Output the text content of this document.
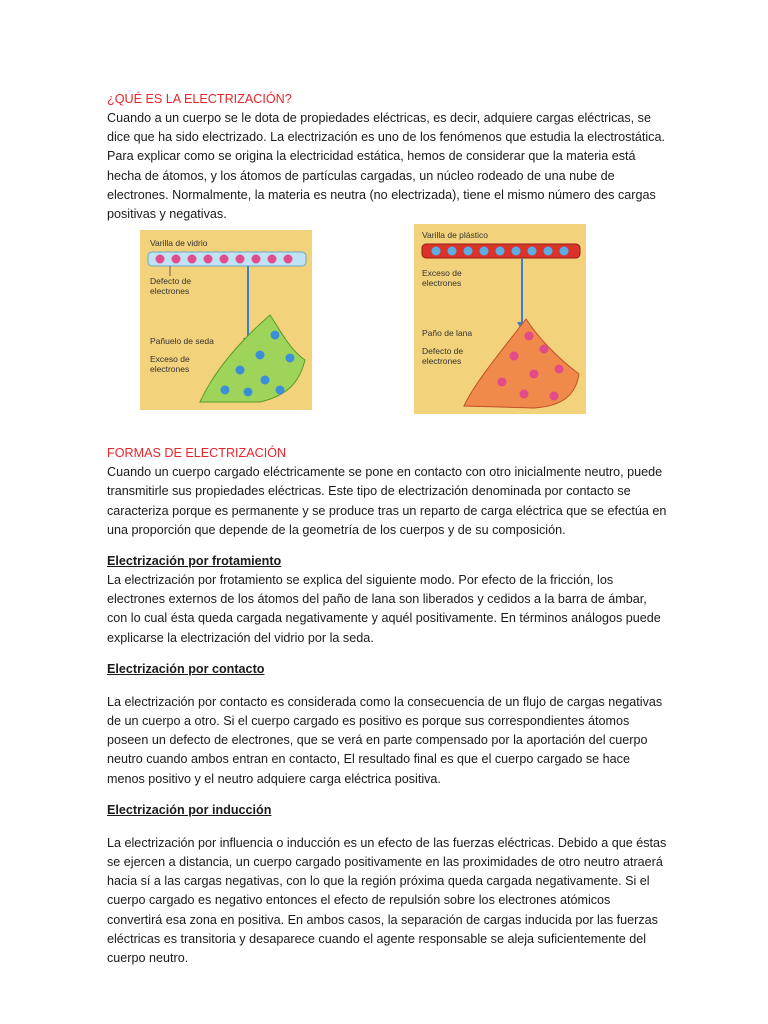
¿QUÉ ES LA ELECTRIZACIÓN?

Cuando a un cuerpo se le dota de propiedades eléctricas, es decir, adquiere cargas eléctricas, se dice que ha sido electrizado. La electrización es uno de los fenómenos que estudia la electrostática. Para explicar como se origina la electricidad estática, hemos de considerar que la materia está hecha de átomos, y los átomos de partículas cargadas, un núcleo rodeado de una nube de electrones. Normalmente, la materia es neutra (no electrizada), tiene el mismo número des cargas positivas y negativas.

Varilla de vidrio
Defecto de
electrones
Pañuelo de seda
Exceso de
electrones
Varilla de plástico
Exceso de
electrones
Paño de lana
Defecto de
electrones
FORMAS DE ELECTRIZACIÓN

Cuando un cuerpo cargado eléctricamente se pone en contacto con otro inicialmente neutro, puede transmitirle sus propiedades eléctricas. Este tipo de electrización denominada por contacto se caracteriza porque es permanente y se produce tras un reparto de carga eléctrica que se efectúa en una proporción que depende de la geometría de los cuerpos y de su composición.

Electrización por frotamiento

La electrización por frotamiento se explica del siguiente modo. Por efecto de la fricción, los electrones externos de los átomos del paño de lana son liberados y cedidos a la barra de ámbar, con lo cual ésta queda cargada negativamente y aquél positivamente. En términos análogos puede explicarse la electrización del vidrio por la seda.

Electrización por contacto

La electrización por contacto es considerada como la consecuencia de un flujo de cargas negativas de un cuerpo a otro. Si el cuerpo cargado es positivo es porque sus correspondientes átomos poseen un defecto de electrones, que se verá en parte compensado por la aportación del cuerpo neutro cuando ambos entran en contacto, El resultado final es que el cuerpo cargado se hace menos positivo y el neutro adquiere carga eléctrica positiva.

Electrización por inducción

La electrización por influencia o inducción es un efecto de las fuerzas eléctricas. Debido a que éstas se ejercen a distancia, un cuerpo cargado positivamente en las proximidades de otro neutro atraerá hacia sí a las cargas negativas, con lo que la región próxima queda cargada negativamente. Si el cuerpo cargado es negativo entonces el efecto de repulsión sobre los electrones atómicos convertirá esa zona en positiva. En ambos casos, la separación de cargas inducida por las fuerzas eléctricas es transitoria y desaparece cuando el agente responsable se aleja suficientemente del cuerpo neutro.
